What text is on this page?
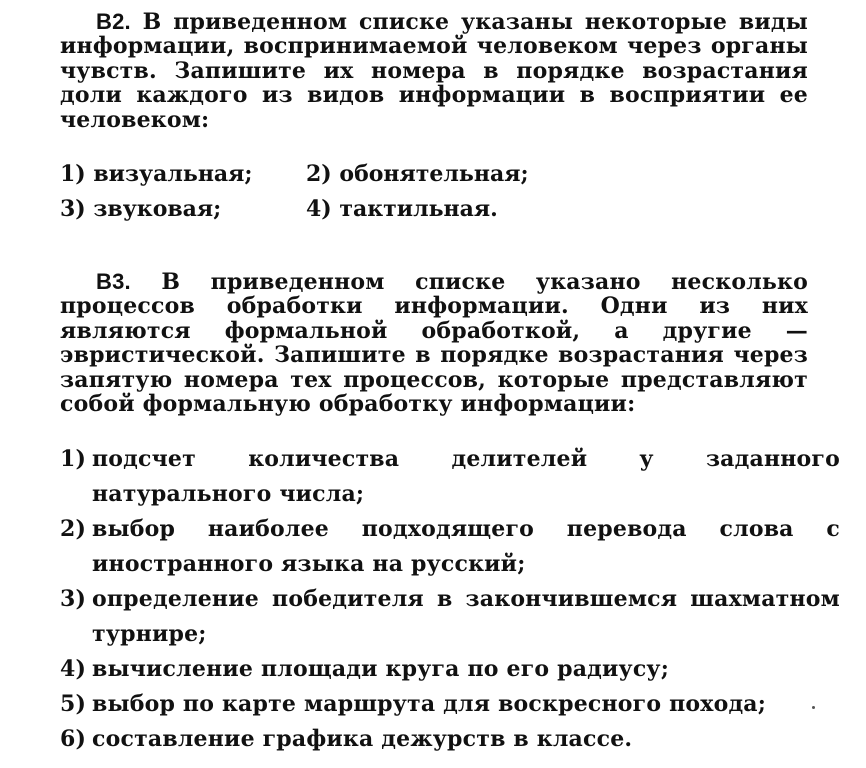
В2. В приведенном списке указаны некоторые виды информации, воспринимаемой человеком через органы чувств. Запишите их номера в порядке возрастания доли каждого из видов информации в восприятии ее человеком:

1) визуальная; 2) обонятельная;
3) звуковая;	4) тактильная.

В3. В приведенном списке указано несколько процессов обработки информации. Одни из них являются формальной обработкой, а другие — эвристической. Запишите в порядке возрастания через запятую номера тех процессов, которые представляют собой формальную обработку информации:

1) подсчет количества делителей у заданного натурального числа;

2) выбор наиболее подходящего перевода слова с иностранного языка на русский;

3) определение победителя в закончившемся шахматном турнире;

4) вычисление площади круга по его радиусу;

5) выбор по карте маршрута для воскресного похода;

6) составление графика дежурств в классе.
